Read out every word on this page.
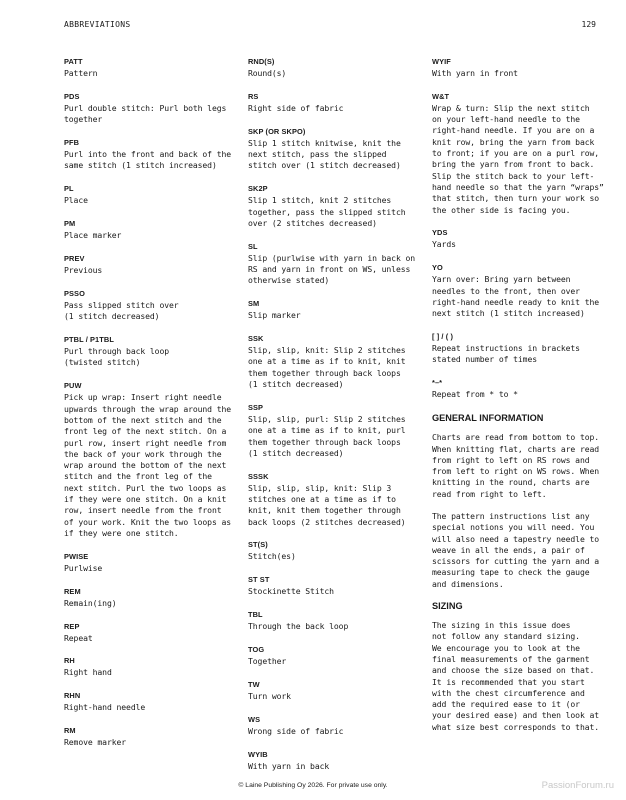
ABBREVIATIONS	129
PATT
Pattern
PDS
Purl double stitch: Purl both legs
together
PFB
Purl into the front and back of the
same stitch (1 stitch increased)
PL
Place
PM
Place marker
PREV
Previous
PSSO
Pass slipped stitch over
(1 stitch decreased)
PTBL / P1TBL
Purl through back loop
(twisted stitch)
PUW
Pick up wrap: Insert right needle
upwards through the wrap around the
bottom of the next stitch and the
front leg of the next stitch. On a
purl row, insert right needle from
the back of your work through the
wrap around the bottom of the next
stitch and the front leg of the
next stitch. Purl the two loops as
if they were one stitch. On a knit
row, insert needle from the front
of your work. Knit the two loops as
if they were one stitch.
PWISE
Purlwise
REM
Remain(ing)
REP
Repeat
RH
Right hand
RHN
Right-hand needle
RM
Remove marker
RND(S)
Round(s)
RS
Right side of fabric
SKP (OR SKPO)
Slip 1 stitch knitwise, knit the
next stitch, pass the slipped
stitch over (1 stitch decreased)
SK2P
Slip 1 stitch, knit 2 stitches
together, pass the slipped stitch
over (2 stitches decreased)
SL
Slip (purlwise with yarn in back on
RS and yarn in front on WS, unless
otherwise stated)
SM
Slip marker
SSK
Slip, slip, knit: Slip 2 stitches
one at a time as if to knit, knit
them together through back loops
(1 stitch decreased)
SSP
Slip, slip, purl: Slip 2 stitches
one at a time as if to knit, purl
them together through back loops
(1 stitch decreased)
SSSK
Slip, slip, slip, knit: Slip 3
stitches one at a time as if to
knit, knit them together through
back loops (2 stitches decreased)
ST(S)
Stitch(es)
ST ST
Stockinette Stitch
TBL
Through the back loop
TOG
Together
TW
Turn work
WS
Wrong side of fabric
WYIB
With yarn in back
WYIF
With yarn in front
W&T
Wrap & turn: Slip the next stitch
on your left-hand needle to the
right-hand needle. If you are on a
knit row, bring the yarn from back
to front; if you are on a purl row,
bring the yarn from front to back.
Slip the stitch back to your left-
hand needle so that the yarn “wraps”
that stitch, then turn your work so
the other side is facing you.
YDS
Yards
YO
Yarn over: Bring yarn between
needles to the front, then over
right-hand needle ready to knit the
next stitch (1 stitch increased)
[ ] / ( )
Repeat instructions in brackets
stated number of times
*–*
Repeat from * to *
GENERAL INFORMATION
Charts are read from bottom to top.
When knitting flat, charts are read
from right to left on RS rows and
from left to right on WS rows. When
knitting in the round, charts are
read from right to left.
The pattern instructions list any
special notions you will need. You
will also need a tapestry needle to
weave in all the ends, a pair of
scissors for cutting the yarn and a
measuring tape to check the gauge
and dimensions.
SIZING
The sizing in this issue does
not follow any standard sizing.
We encourage you to look at the
final measurements of the garment
and choose the size based on that.
It is recommended that you start
with the chest circumference and
add the required ease to it (or
your desired ease) and then look at
what size best corresponds to that.
© Laine Publishing Oy 2026. For private use only.	PassionForum.ru
